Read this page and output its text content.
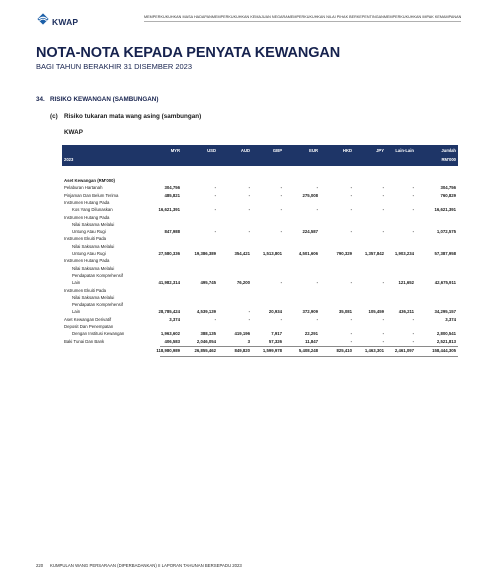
KWAP	MEMPERKUKUHKAN MASA HADAPAN MEMPERKUKUHKAN KEMAJUAN NEGARA MEMPERKUKUHKAN NILAI PIHAK BERKEPENTINGAN MEMPERKUKUHKAN IMPAK KEMAMPANAN
NOTA-NOTA KEPADA PENYATA KEWANGAN
BAGI TAHUN BERAKHIR 31 DISEMBER 2023
34. RISIKO KEWANGAN (SAMBUNGAN)
(c) Risiko tukaran mata wang asing (sambungan)
KWAP
2023
MYR	USD	AUD	GBP	EUR	HKD	JPY	Lain-Lain	Jumlah
RM'000
Aset Kewangan (RM'000)
Pelaburan Hartanah	304,756	-	-	-	-	-	-	-	304,756
Pinjaman Dan Belum Terima	485,821	-	-	-	275,008	-	-	-	760,829
Instrumen Hutang Pada
Kos Yang Dilunaskan	16,621,391	-	-	-	-	-	-	-	16,621,391
Instrumen Hutang Pada
Nilai Saksama Melalui
Untung Atau Rugi	847,988	-	-	-	224,587	-	-	-	1,072,575
Instrumen Ekuiti Pada
Nilai Saksama Melalui
Untung Atau Rugi	27,580,336	19,386,389	354,421	1,513,801	4,501,606	790,329	1,357,842	1,903,234	57,387,958
Instrumen Hutang Pada
Nilai Saksama Melalui
Pendapatan Komprehensif
Lain	41,982,314	495,745	76,200	-	-	-	-	121,652	42,675,911
Instrumen Ekuiti Pada
Nilai Saksama Melalui
Pendapatan Komprehensif
Lain	28,785,424	4,539,139	-	20,934	372,909	35,081	105,459	436,211	34,295,157
Aset Kewangan Derivatif	3,374	-	-	-	-	-	-	-	3,374
Deposit Dan Penempatan
Dengan Institusi Kewangan	1,963,602	388,135	419,196	7,917	22,291	-	-	-	2,800,541
Baki Tunai Dan Bank	406,583	2,046,054	3	57,326	11,847	-	-	-	2,521,813
118,980,989	26,855,462	849,820	1,599,978	5,408,248	825,410	1,463,301	2,461,097	158,444,305
220 KUMPULAN WANG PERSARAAN (DIPERBADANKAN) II LAPORAN TAHUNAN BERSEPADU 2023
